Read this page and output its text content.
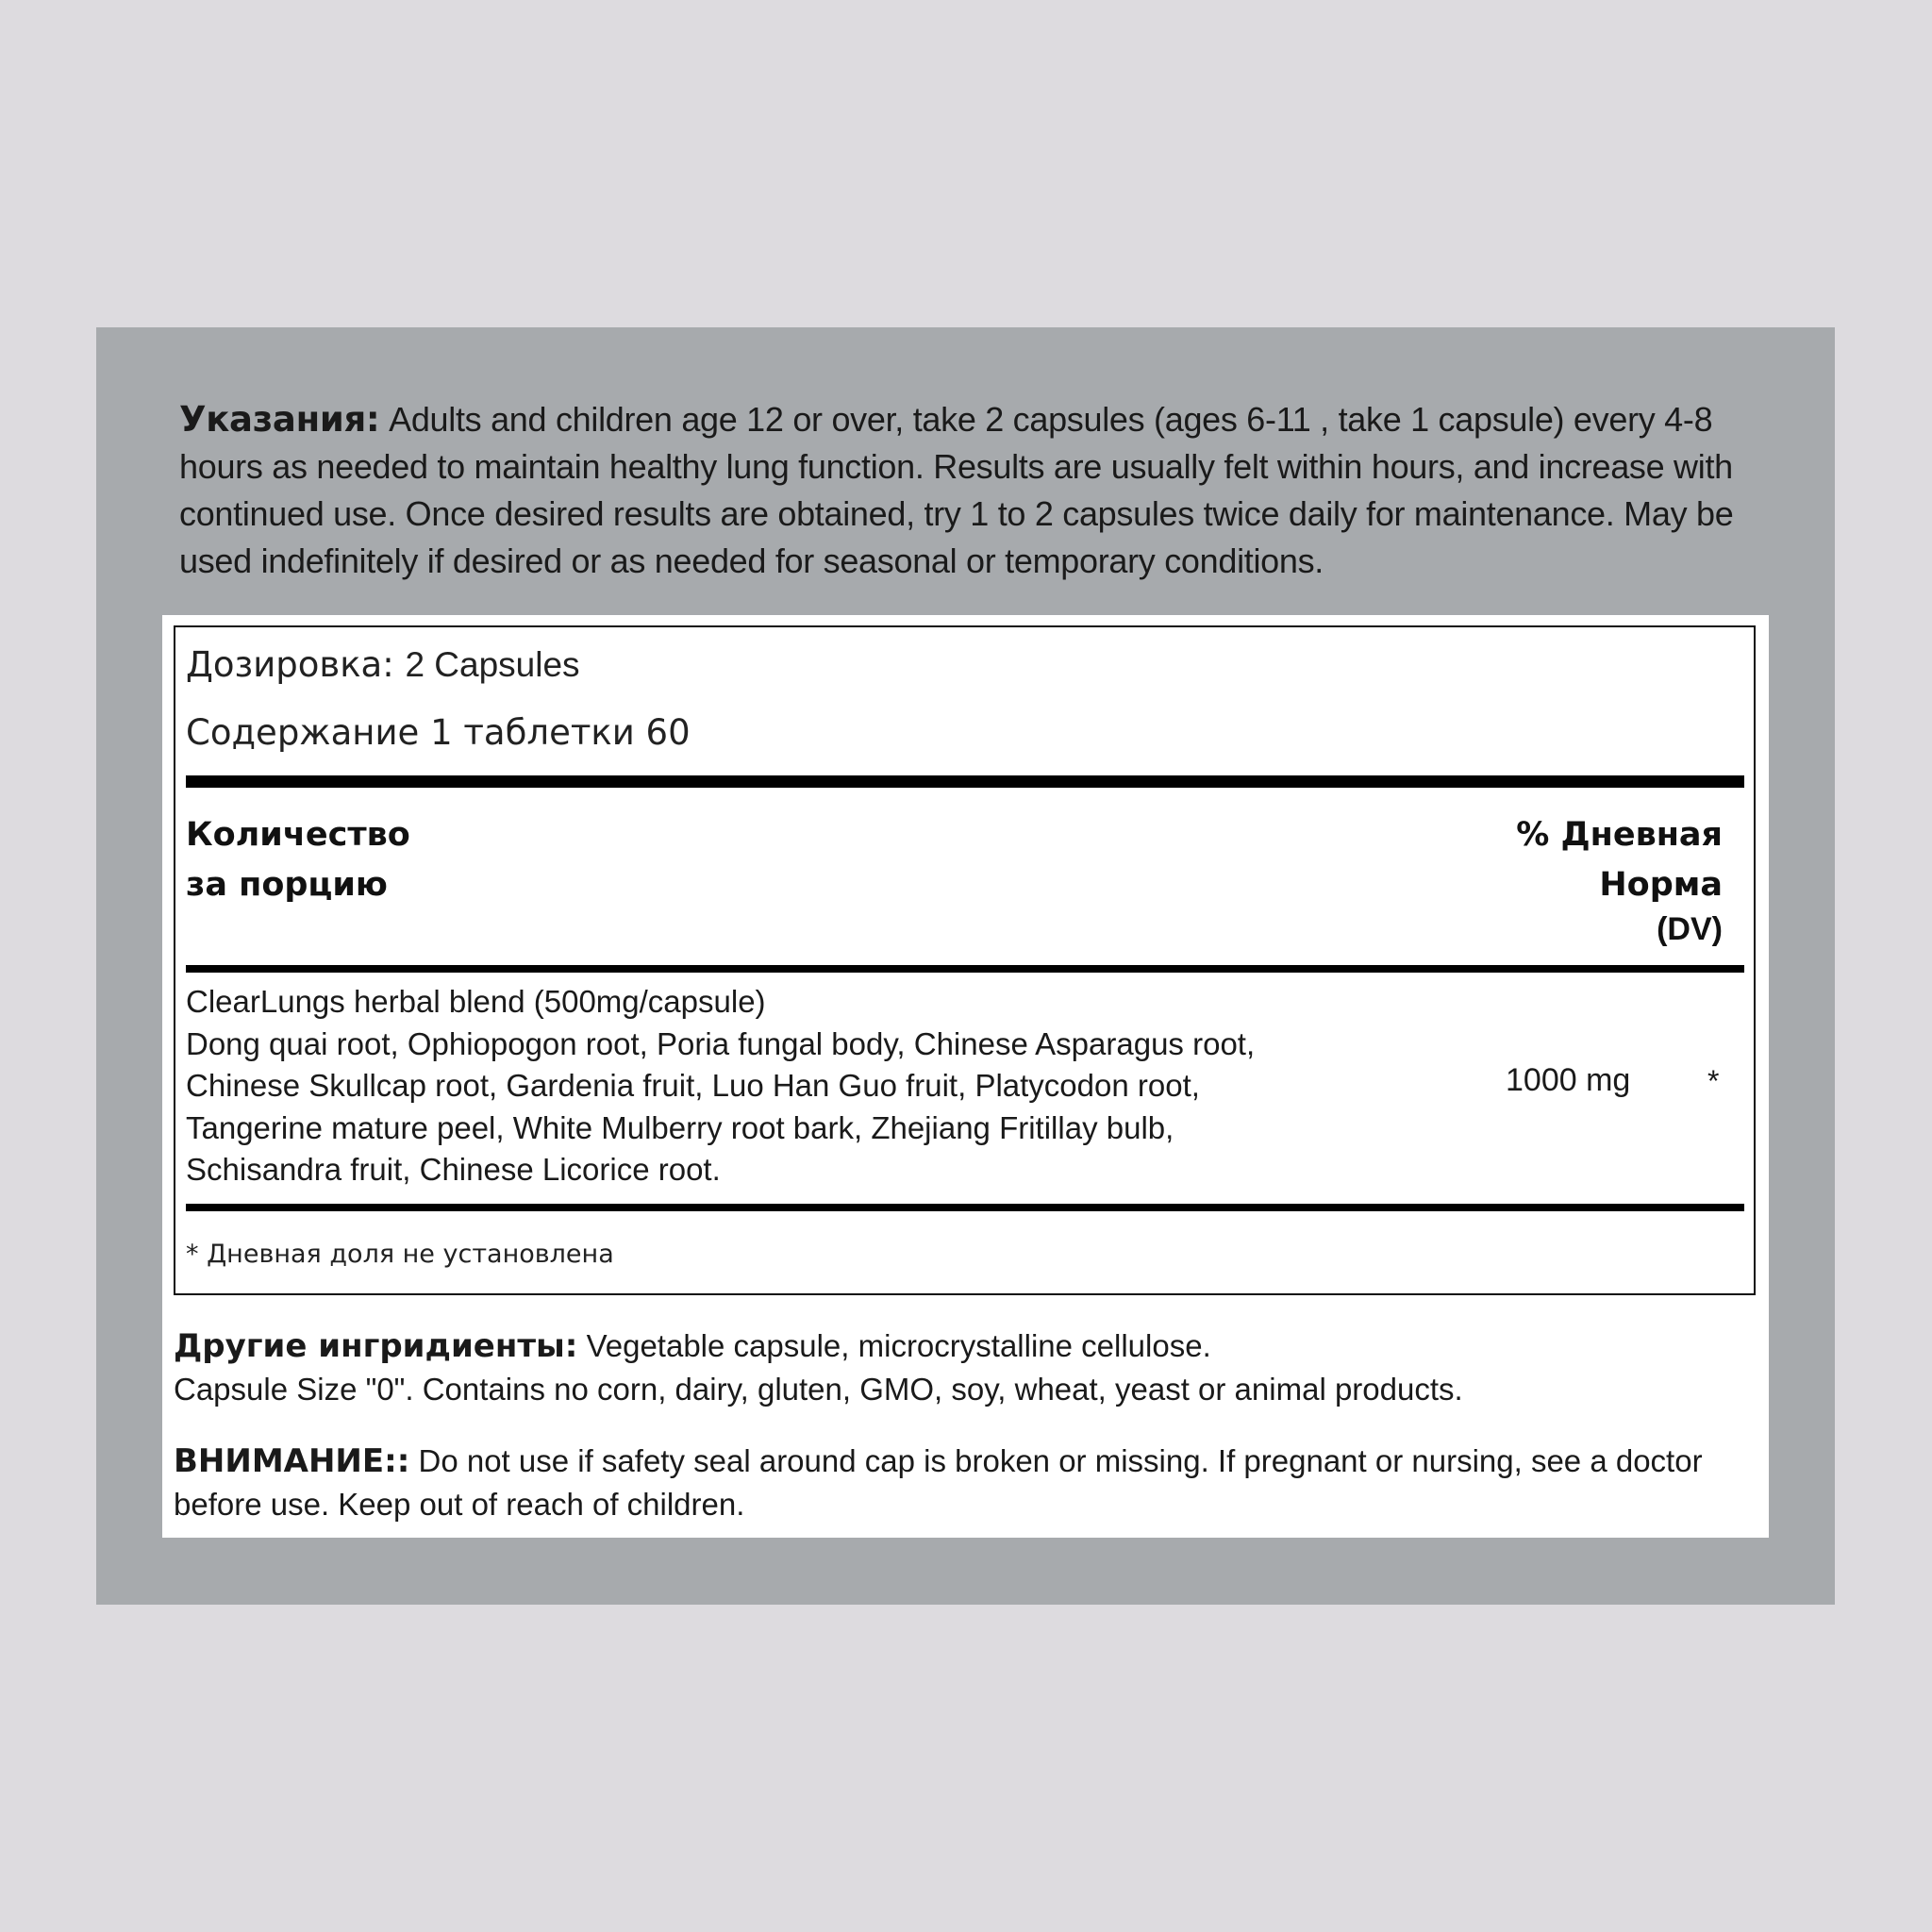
Указания: Adults and children age 12 or over, take 2 capsules (ages 6-11 , take 1 capsule) every 4-8 hours as needed to maintain healthy lung function. Results are usually felt within hours, and increase with continued use. Once desired results are obtained, try 1 to 2 capsules twice daily for maintenance. May be used indefinitely if desired or as needed for seasonal or temporary conditions.
Дозировка: 2 Capsules
Содержание 1 таблетки 60
Количество
за порцию
% Дневная
Норма
(DV)
ClearLungs herbal blend (500mg/capsule)
Dong quai root, Ophiopogon root, Poria fungal body, Chinese Asparagus root,
Chinese Skullcap root, Gardenia fruit, Luo Han Guo fruit, Platycodon root,
Tangerine mature peel, White Mulberry root bark, Zhejiang Fritillay bulb,
Schisandra fruit, Chinese Licorice root.
1000 mg	*
* Дневная доля не установлена
Другие ингридиенты: Vegetable capsule, microcrystalline cellulose.
Capsule Size "0". Contains no corn, dairy, gluten, GMO, soy, wheat, yeast or animal products.
ВНИМАНИЕ:: Do not use if safety seal around cap is broken or missing. If pregnant or nursing, see a doctor before use. Keep out of reach of children.
